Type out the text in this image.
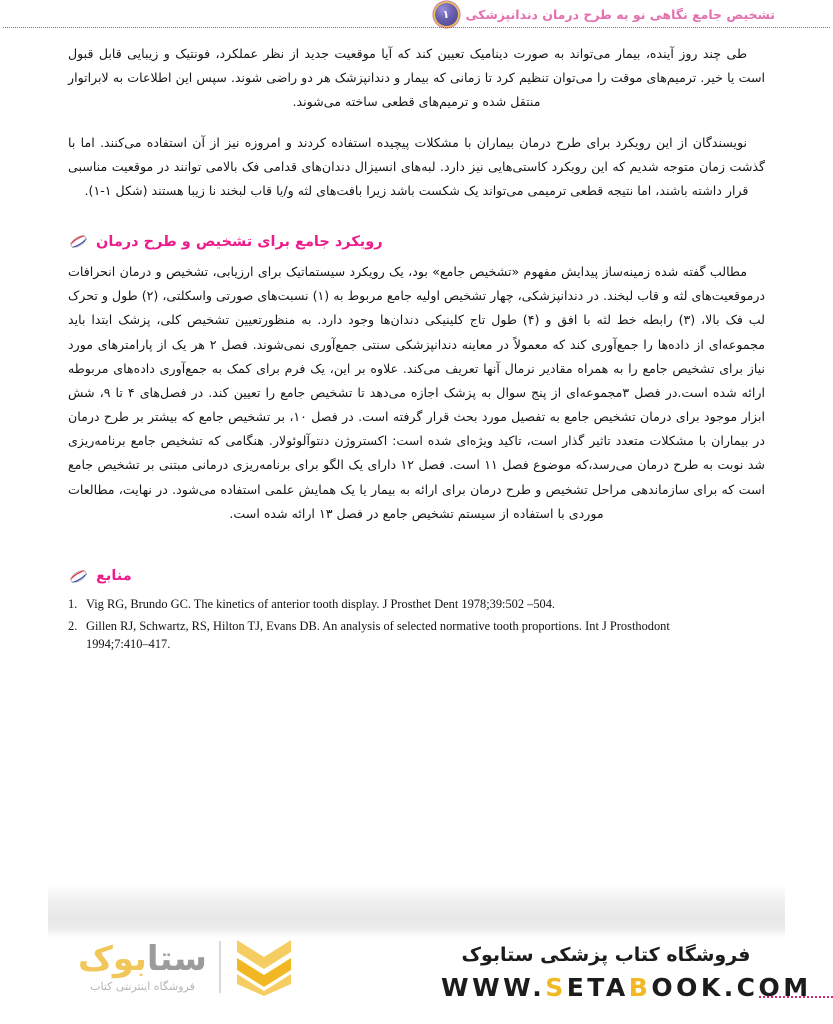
تشخیص جامع نگاهی نو به طرح درمان دندانپزشکی
۱

طی چند روز آینده، بیمار می‌تواند به صورت دینامیک تعیین کند که آیا موقعیت جدید از نظر عملکرد، فونتیک و زیبایی قابل قبول است یا خیر. ترمیم‌های موقت را می‌توان تنظیم کرد تا زمانی که بیمار و دندانپزشک هر دو راضی شوند. سپس این اطلاعات به لابراتوار منتقل شده و ترمیم‌های قطعی ساخته می‌شوند.

نویسندگان از این رویکرد برای طرح درمان بیماران با مشکلات پیچیده استفاده کردند و امروزه نیز از آن استفاده می‌کنند. اما با گذشت زمان متوجه شدیم که این رویکرد کاستی‌هایی نیز دارد. لبه‌های انسیزال دندان‌های قدامی فک بالامی توانند در موقعیت مناسبی قرار داشته باشند، اما نتیجه قطعی ترمیمی می‌تواند یک شکست باشد زیرا بافت‌های لثه و/یا قاب لبخند نا زیبا هستند (شکل ۱-۱).

رویکرد جامع برای تشخیص و طرح درمان

مطالب گفته شده زمینه‌ساز پیدایش مفهوم «تشخیص جامع» بود، یک رویکرد سیستماتیک برای ارزیابی، تشخیص و درمان انحرافات درموقعیت‌های لثه و قاب لبخند. در دندانپزشکی، چهار تشخیص اولیه جامع مربوط به (۱) نسبت‌های صورتی واسکلتی، (۲) طول و تحرک لب فک بالا، (۳) رابطه خط لثه با افق و (۴) طول تاج کلینیکی دندان‌ها وجود دارد. به منظورتعیین تشخیص کلی، پزشک ابتدا باید مجموعه‌ای از داده‌ها را جمع‌آوری کند که معمولاً در معاینه دندانپزشکی سنتی جمع‌آوری نمی‌شوند. فصل ۲ هر یک از پارامترهای مورد نیاز برای تشخیص جامع را به همراه مقادیر نرمال آنها تعریف می‌کند. علاوه بر این، یک فرم برای کمک به جمع‌آوری داده‌های مربوطه ارائه شده است.در فصل ۳مجموعه‌ای از پنج سوال به پزشک اجازه می‌دهد تا تشخیص جامع را تعیین کند. در فصل‌های ۴ تا ۹، شش ابزار موجود برای درمان تشخیص جامع به تفصیل مورد بحث قرار گرفته است. در فصل ۱۰، بر تشخیص جامع که بیشتر بر طرح درمان در بیماران با مشکلات متعدد تاثیر گذار است، تاکید ویژه‌ای شده است: اکستروژن دنتوآلوئولار. هنگامی که تشخیص جامع برنامه‌ریزی شد نوبت به طرح درمان می‌رسد،که موضوع فصل ۱۱ است. فصل ۱۲ دارای یک الگو برای برنامه‌ریزی درمانی مبتنی بر تشخیص جامع است که برای سازماندهی مراحل تشخیص و طرح درمان برای ارائه به بیمار یا یک همایش علمی استفاده می‌شود. در نهایت، مطالعات موردی با استفاده از سیستم تشخیص جامع در فصل ۱۳ ارائه شده است.

منابع
1. Vig RG, Brundo GC. The kinetics of anterior tooth display. J Prosthet Dent 1978;39:502 –504.
2. Gillen RJ, Schwartz, RS, Hilton TJ, Evans DB. An analysis of selected normative tooth proportions. Int J Prosthodont 1994;7:410–417.
فروشگاه کتاب پزشکی ستابوک
WWW.SETABOOK.COM
ستابوک
فروشگاه اینترنتی کتاب
